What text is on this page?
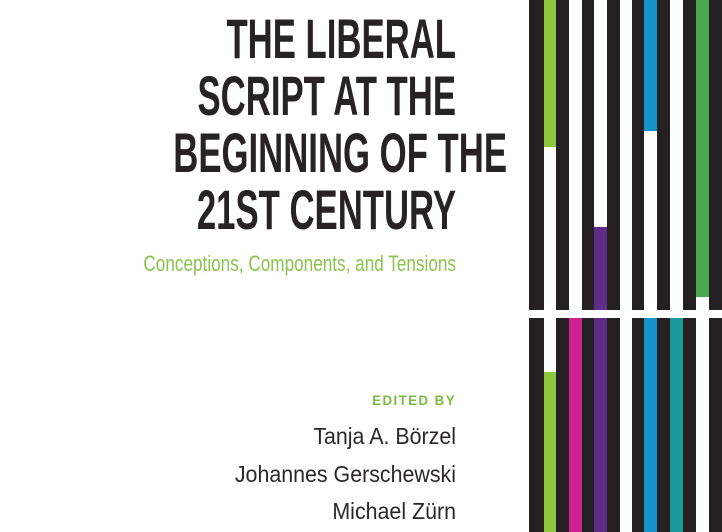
THE LIBERAL
SCRIPT AT THE
BEGINNING OF THE
21ST CENTURY
Conceptions, Components, and Tensions
EDITED BY
Tanja A. Börzel
Johannes Gerschewski
Michael Zürn
